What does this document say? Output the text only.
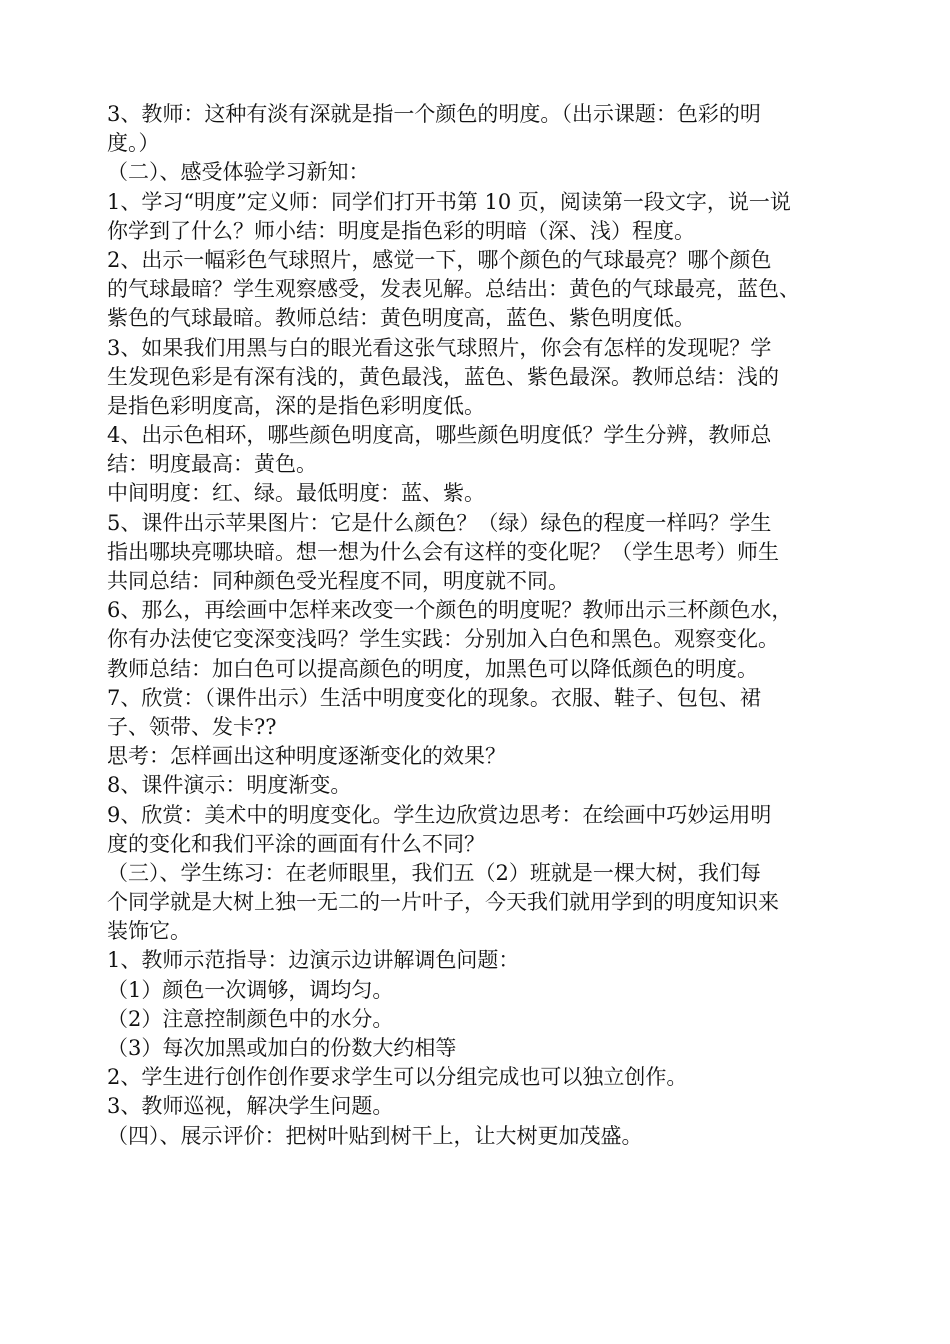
3、教师：这种有淡有深就是指一个颜色的明度。（出示课题：色彩的明
度。）
（二）、感受体验学习新知：
1、学习“明度”定义师：同学们打开书第 10 页，阅读第一段文字，说一说
你学到了什么？师小结：明度是指色彩的明暗（深、浅）程度。
2、出示一幅彩色气球照片，感觉一下，哪个颜色的气球最亮？哪个颜色
的气球最暗？学生观察感受，发表见解。总结出：黄色的气球最亮，蓝色、
紫色的气球最暗。教师总结：黄色明度高，蓝色、紫色明度低。
3、如果我们用黑与白的眼光看这张气球照片，你会有怎样的发现呢？学
生发现色彩是有深有浅的，黄色最浅，蓝色、紫色最深。教师总结：浅的
是指色彩明度高，深的是指色彩明度低。
4、出示色相环，哪些颜色明度高，哪些颜色明度低？学生分辨，教师总
结：明度最高：黄色。
中间明度：红、绿。最低明度：蓝、紫。
5、课件出示苹果图片：它是什么颜色？（绿）绿色的程度一样吗？学生
指出哪块亮哪块暗。想一想为什么会有这样的变化呢？（学生思考）师生
共同总结：同种颜色受光程度不同，明度就不同。
6、那么，再绘画中怎样来改变一个颜色的明度呢？教师出示三杯颜色水，
你有办法使它变深变浅吗？学生实践：分别加入白色和黑色。观察变化。
教师总结：加白色可以提高颜色的明度，加黑色可以降低颜色的明度。
7、欣赏：（课件出示）生活中明度变化的现象。衣服、鞋子、包包、裙
子、领带、发卡??
思考：怎样画出这种明度逐渐变化的效果？
8、课件演示：明度渐变。
9、欣赏：美术中的明度变化。学生边欣赏边思考：在绘画中巧妙运用明
度的变化和我们平涂的画面有什么不同？
（三）、学生练习：在老师眼里，我们五（2）班就是一棵大树，我们每
个同学就是大树上独一无二的一片叶子，今天我们就用学到的明度知识来
装饰它。
1、教师示范指导：边演示边讲解调色问题：
（1）颜色一次调够，调均匀。
（2）注意控制颜色中的水分。
（3）每次加黑或加白的份数大约相等
2、学生进行创作创作要求学生可以分组完成也可以独立创作。
3、教师巡视，解决学生问题。
（四）、展示评价：把树叶贴到树干上，让大树更加茂盛。
